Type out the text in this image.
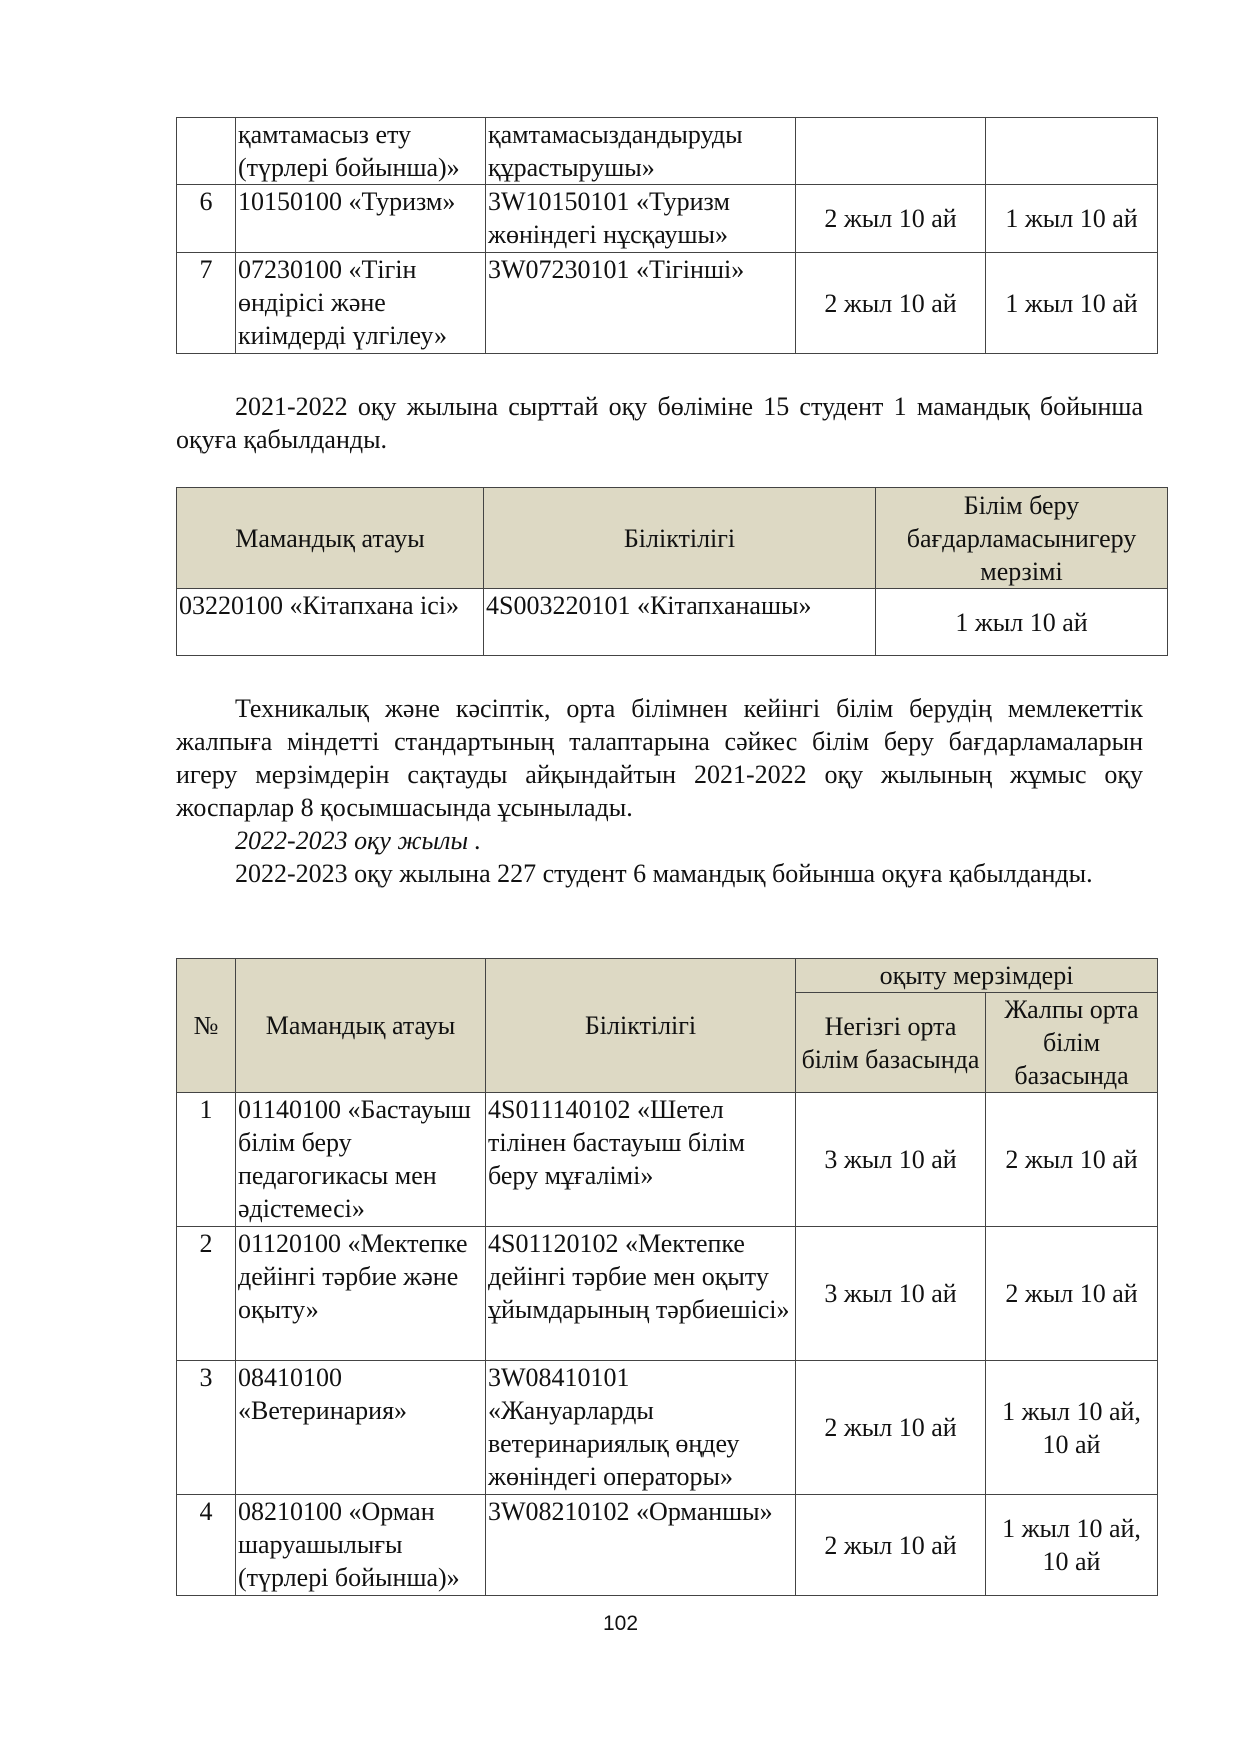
	қамтамасыз ету (түрлері бойынша)»	қамтамасыздандыруды құрастырушы»		
6	10150100 «Туризм»	3W10150101 «Туризм жөніндегі нұсқаушы»	2 жыл 10 ай	1 жыл 10 ай
7	07230100 «Тігін өндірісі және киімдерді үлгілеу»	3W07230101 «Тігінші»	2 жыл 10 ай	1 жыл 10 ай
2021-2022 оқу жылына сырттай оқу бөліміне 15 студент 1 мамандық бойынша оқуға қабылданды.
Мамандық атауы	Біліктілігі	Білім беру бағдарламасынигеру мерзімі
03220100 «Кітапхана ісі»	4S003220101 «Кітапханашы»	1 жыл 10 ай
Техникалық және кәсіптік, орта білімнен кейінгі білім берудің мемлекеттік жалпыға міндетті стандартының талаптарына сәйкес білім беру бағдарламаларын игеру мерзімдерін сақтауды айқындайтын 2021-2022 оқу жылының жұмыс оқу жоспарлар 8 қосымшасында ұсынылады.
2022-2023 оқу жылы .
2022-2023 оқу жылына 227 студент 6 мамандық бойынша оқуға қабылданды.
№	Мамандық атауы	Біліктілігі	оқыту мерзімдері	
			Негізгі орта білім базасында	Жалпы орта білім базасында
1	01140100 «Бастауыш білім беру педагогикасы мен әдістемесі»	4S011140102 «Шетел тілінен бастауыш білім беру мұғалімі»	3 жыл 10 ай	2 жыл 10 ай
2	01120100 «Мектепке дейінгі тәрбие және оқыту»	4S01120102 «Мектепке дейінгі тәрбие мен оқыту ұйымдарының тәрбиешісі»	3 жыл 10 ай	2 жыл 10 ай
3	08410100 «Ветеринария»	3W08410101 «Жануарларды ветеринариялық өңдеу жөніндегі операторы»	2 жыл 10 ай	1 жыл 10 ай, 10 ай
4	08210100 «Орман шаруашылығы (түрлері бойынша)»	3W08210102 «Орманшы»	2 жыл 10 ай	1 жыл 10 ай, 10 ай
102
